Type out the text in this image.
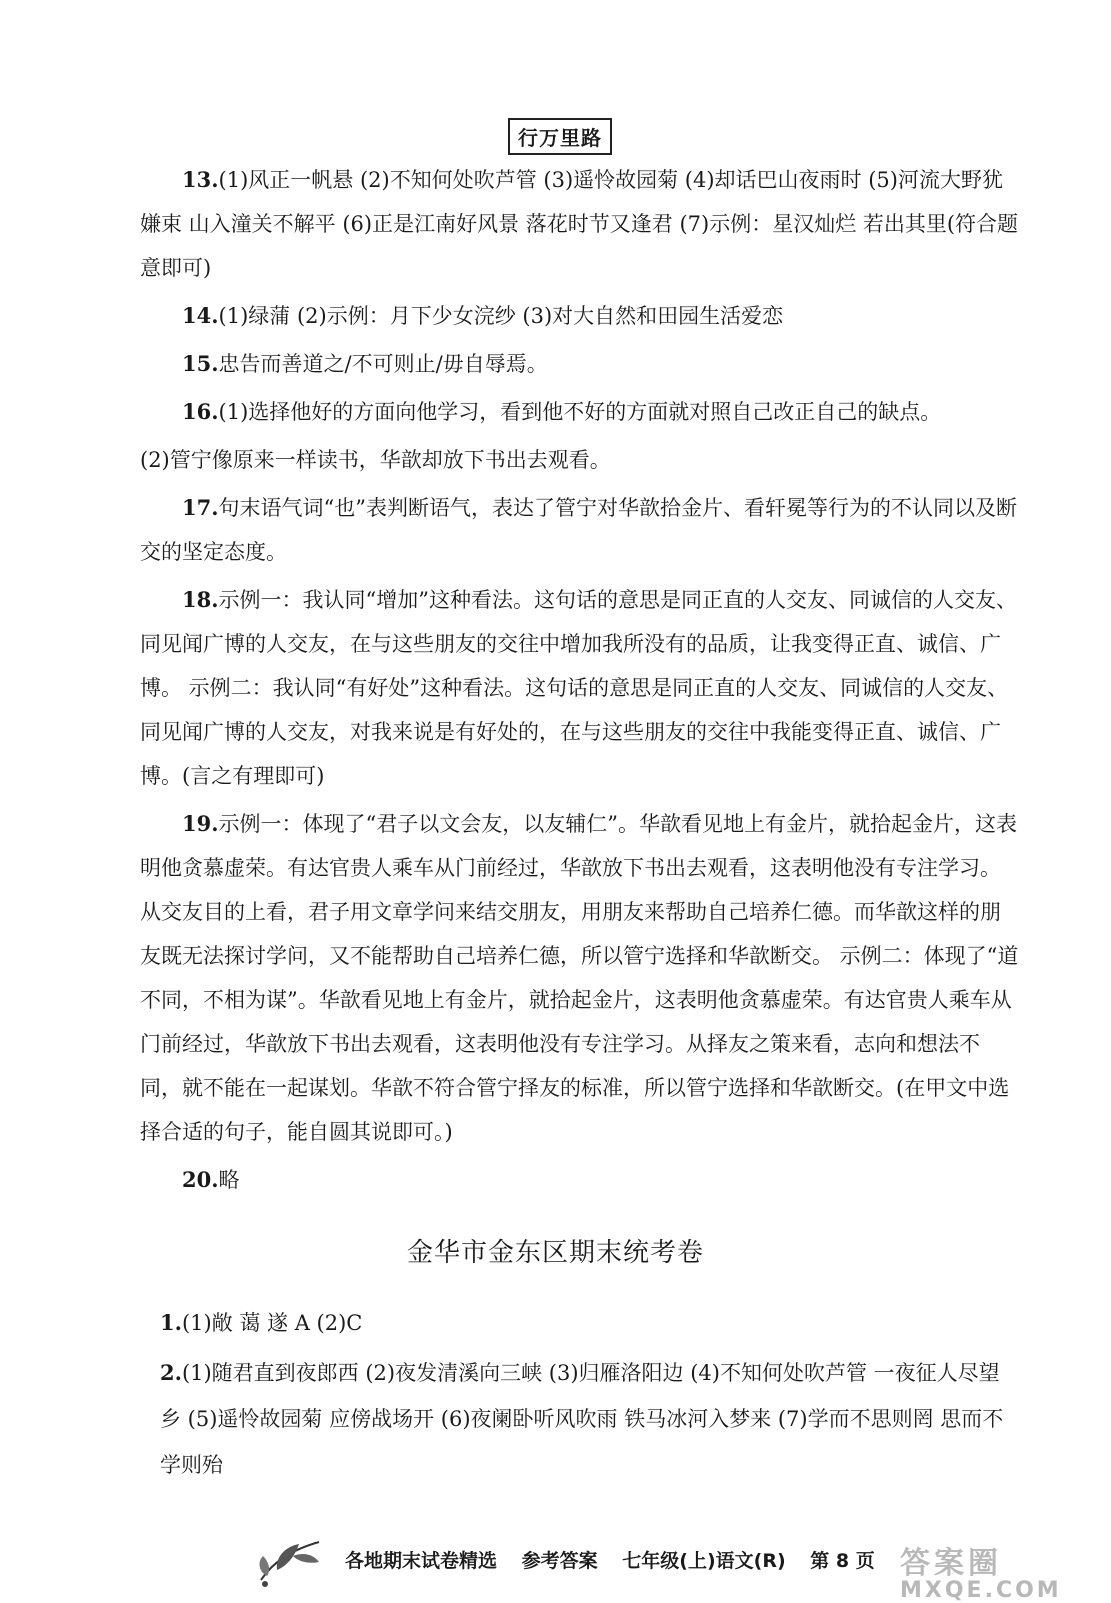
行万里路

13.(1)风正一帆悬 (2)不知何处吹芦管 (3)遥怜故园菊 (4)却话巴山夜雨时 (5)河流大野犹嫌束 山入潼关不解平 (6)正是江南好风景 落花时节又逢君 (7)示例：星汉灿烂 若出其里(符合题意即可)

14.(1)绿蒲 (2)示例：月下少女浣纱 (3)对大自然和田园生活爱恋

15.忠告而善道之/不可则止/毋自辱焉。

16.(1)选择他好的方面向他学习，看到他不好的方面就对照自己改正自己的缺点。

(2)管宁像原来一样读书，华歆却放下书出去观看。

17.句末语气词“也”表判断语气，表达了管宁对华歆拾金片、看轩冕等行为的不认同以及断交的坚定态度。

18.示例一：我认同“增加”这种看法。这句话的意思是同正直的人交友、同诚信的人交友、同见闻广博的人交友，在与这些朋友的交往中增加我所没有的品质，让我变得正直、诚信、广博。 示例二：我认同“有好处”这种看法。这句话的意思是同正直的人交友、同诚信的人交友、同见闻广博的人交友，对我来说是有好处的，在与这些朋友的交往中我能变得正直、诚信、广博。(言之有理即可)

19.示例一：体现了“君子以文会友，以友辅仁”。华歆看见地上有金片，就拾起金片，这表明他贪慕虚荣。有达官贵人乘车从门前经过，华歆放下书出去观看，这表明他没有专注学习。从交友目的上看，君子用文章学问来结交朋友，用朋友来帮助自己培养仁德。而华歆这样的朋友既无法探讨学问，又不能帮助自己培养仁德，所以管宁选择和华歆断交。 示例二：体现了“道不同，不相为谋”。华歆看见地上有金片，就拾起金片，这表明他贪慕虚荣。有达官贵人乘车从门前经过，华歆放下书出去观看，这表明他没有专注学习。从择友之策来看，志向和想法不同，就不能在一起谋划。华歆不符合管宁择友的标准，所以管宁选择和华歆断交。(在甲文中选择合适的句子，能自圆其说即可。)

20.略

金华市金东区期末统考卷

1.(1)敞 蔼 遂 A (2)C

2.(1)随君直到夜郎西 (2)夜发清溪向三峡 (3)归雁洛阳边 (4)不知何处吹芦管 一夜征人尽望乡 (5)遥怜故园菊 应傍战场开 (6)夜阑卧听风吹雨 铁马冰河入梦来 (7)学而不思则罔 思而不学则殆

各地期末试卷精选 参考答案 七年级(上)语文(R) 第 8 页 答案圈
MXQE.COM
